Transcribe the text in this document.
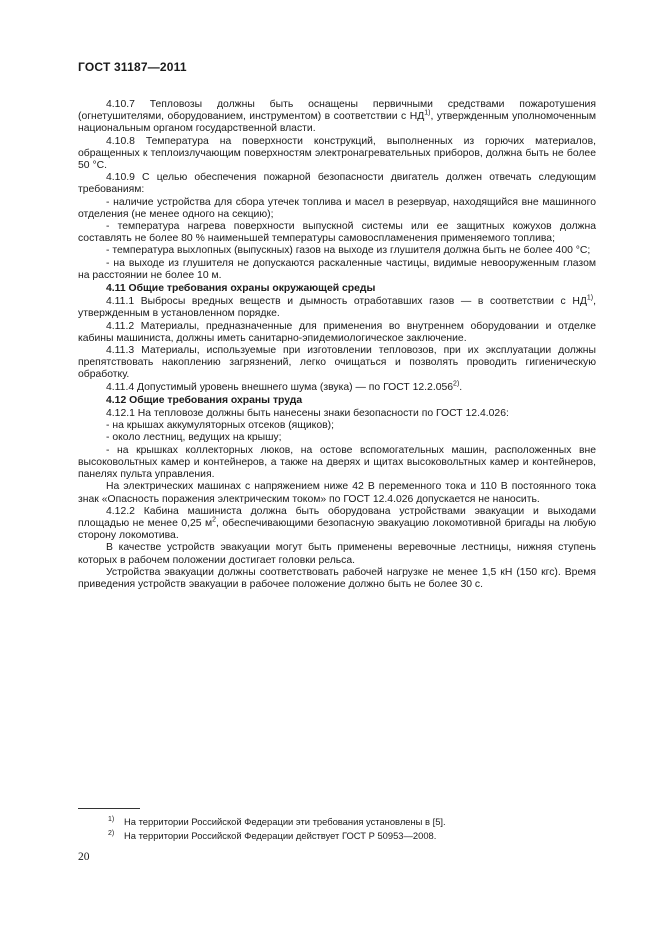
ГОСТ 31187—2011

4.10.7 Тепловозы должны быть оснащены первичными средствами пожаротушения (огнетушителями, оборудованием, инструментом) в соответствии с НД$^{1)}$, утвержденным уполномоченным национальным органом государственной власти.

4.10.8 Температура на поверхности конструкций, выполненных из горючих материалов, обращенных к теплоизлучающим поверхностям электронагревательных приборов, должна быть не более 50 °С.

4.10.9 С целью обеспечения пожарной безопасности двигатель должен отвечать следующим требованиям:

- наличие устройства для сбора утечек топлива и масел в резервуар, находящийся вне машинного отделения (не менее одного на секцию);

- температура нагрева поверхности выпускной системы или ее защитных кожухов должна составлять не более 80 % наименьшей температуры самовоспламенения применяемого топлива;

- температура выхлопных (выпускных) газов на выходе из глушителя должна быть не более 400 °С;

- на выходе из глушителя не допускаются раскаленные частицы, видимые невооруженным глазом на расстоянии не более 10 м.

4.11 Общие требования охраны окружающей среды

4.11.1 Выбросы вредных веществ и дымность отработавших газов — в соответствии с НД$^{1)}$, утвержденным в установленном порядке.

4.11.2 Материалы, предназначенные для применения во внутреннем оборудовании и отделке кабины машиниста, должны иметь санитарно-эпидемиологическое заключение.

4.11.3 Материалы, используемые при изготовлении тепловозов, при их эксплуатации должны препятствовать накоплению загрязнений, легко очищаться и позволять проводить гигиеническую обработку.

4.11.4 Допустимый уровень внешнего шума (звука) — по ГОСТ 12.2.056$^{2)}$.

4.12 Общие требования охраны труда

4.12.1 На тепловозе должны быть нанесены знаки безопасности по ГОСТ 12.4.026:

- на крышах аккумуляторных отсеков (ящиков);

- около лестниц, ведущих на крышу;

- на крышках коллекторных люков, на остове вспомогательных машин, расположенных вне высоковольтных камер и контейнеров, а также на дверях и щитах высоковольтных камер и контейнеров, панелях пульта управления.

На электрических машинах с напряжением ниже 42 В переменного тока и 110 В постоянного тока знак «Опасность поражения электрическим током» по ГОСТ 12.4.026 допускается не наносить.

4.12.2 Кабина машиниста должна быть оборудована устройствами эвакуации и выходами площадью не менее 0,25 $м^2$, обеспечивающими безопасную эвакуацию локомотивной бригады на любую сторону локомотива.

В качестве устройств эвакуации могут быть применены веревочные лестницы, нижняя ступень которых в рабочем положении достигает головки рельса.

Устройства эвакуации должны соответствовать рабочей нагрузке не менее 1,5 кН (150 кгс). Время приведения устройств эвакуации в рабочее положение должно быть не более 30 с.

1) На территории Российской Федерации эти требования установлены в [5].
2) На территории Российской Федерации действует ГОСТ Р 50953—2008.
20
